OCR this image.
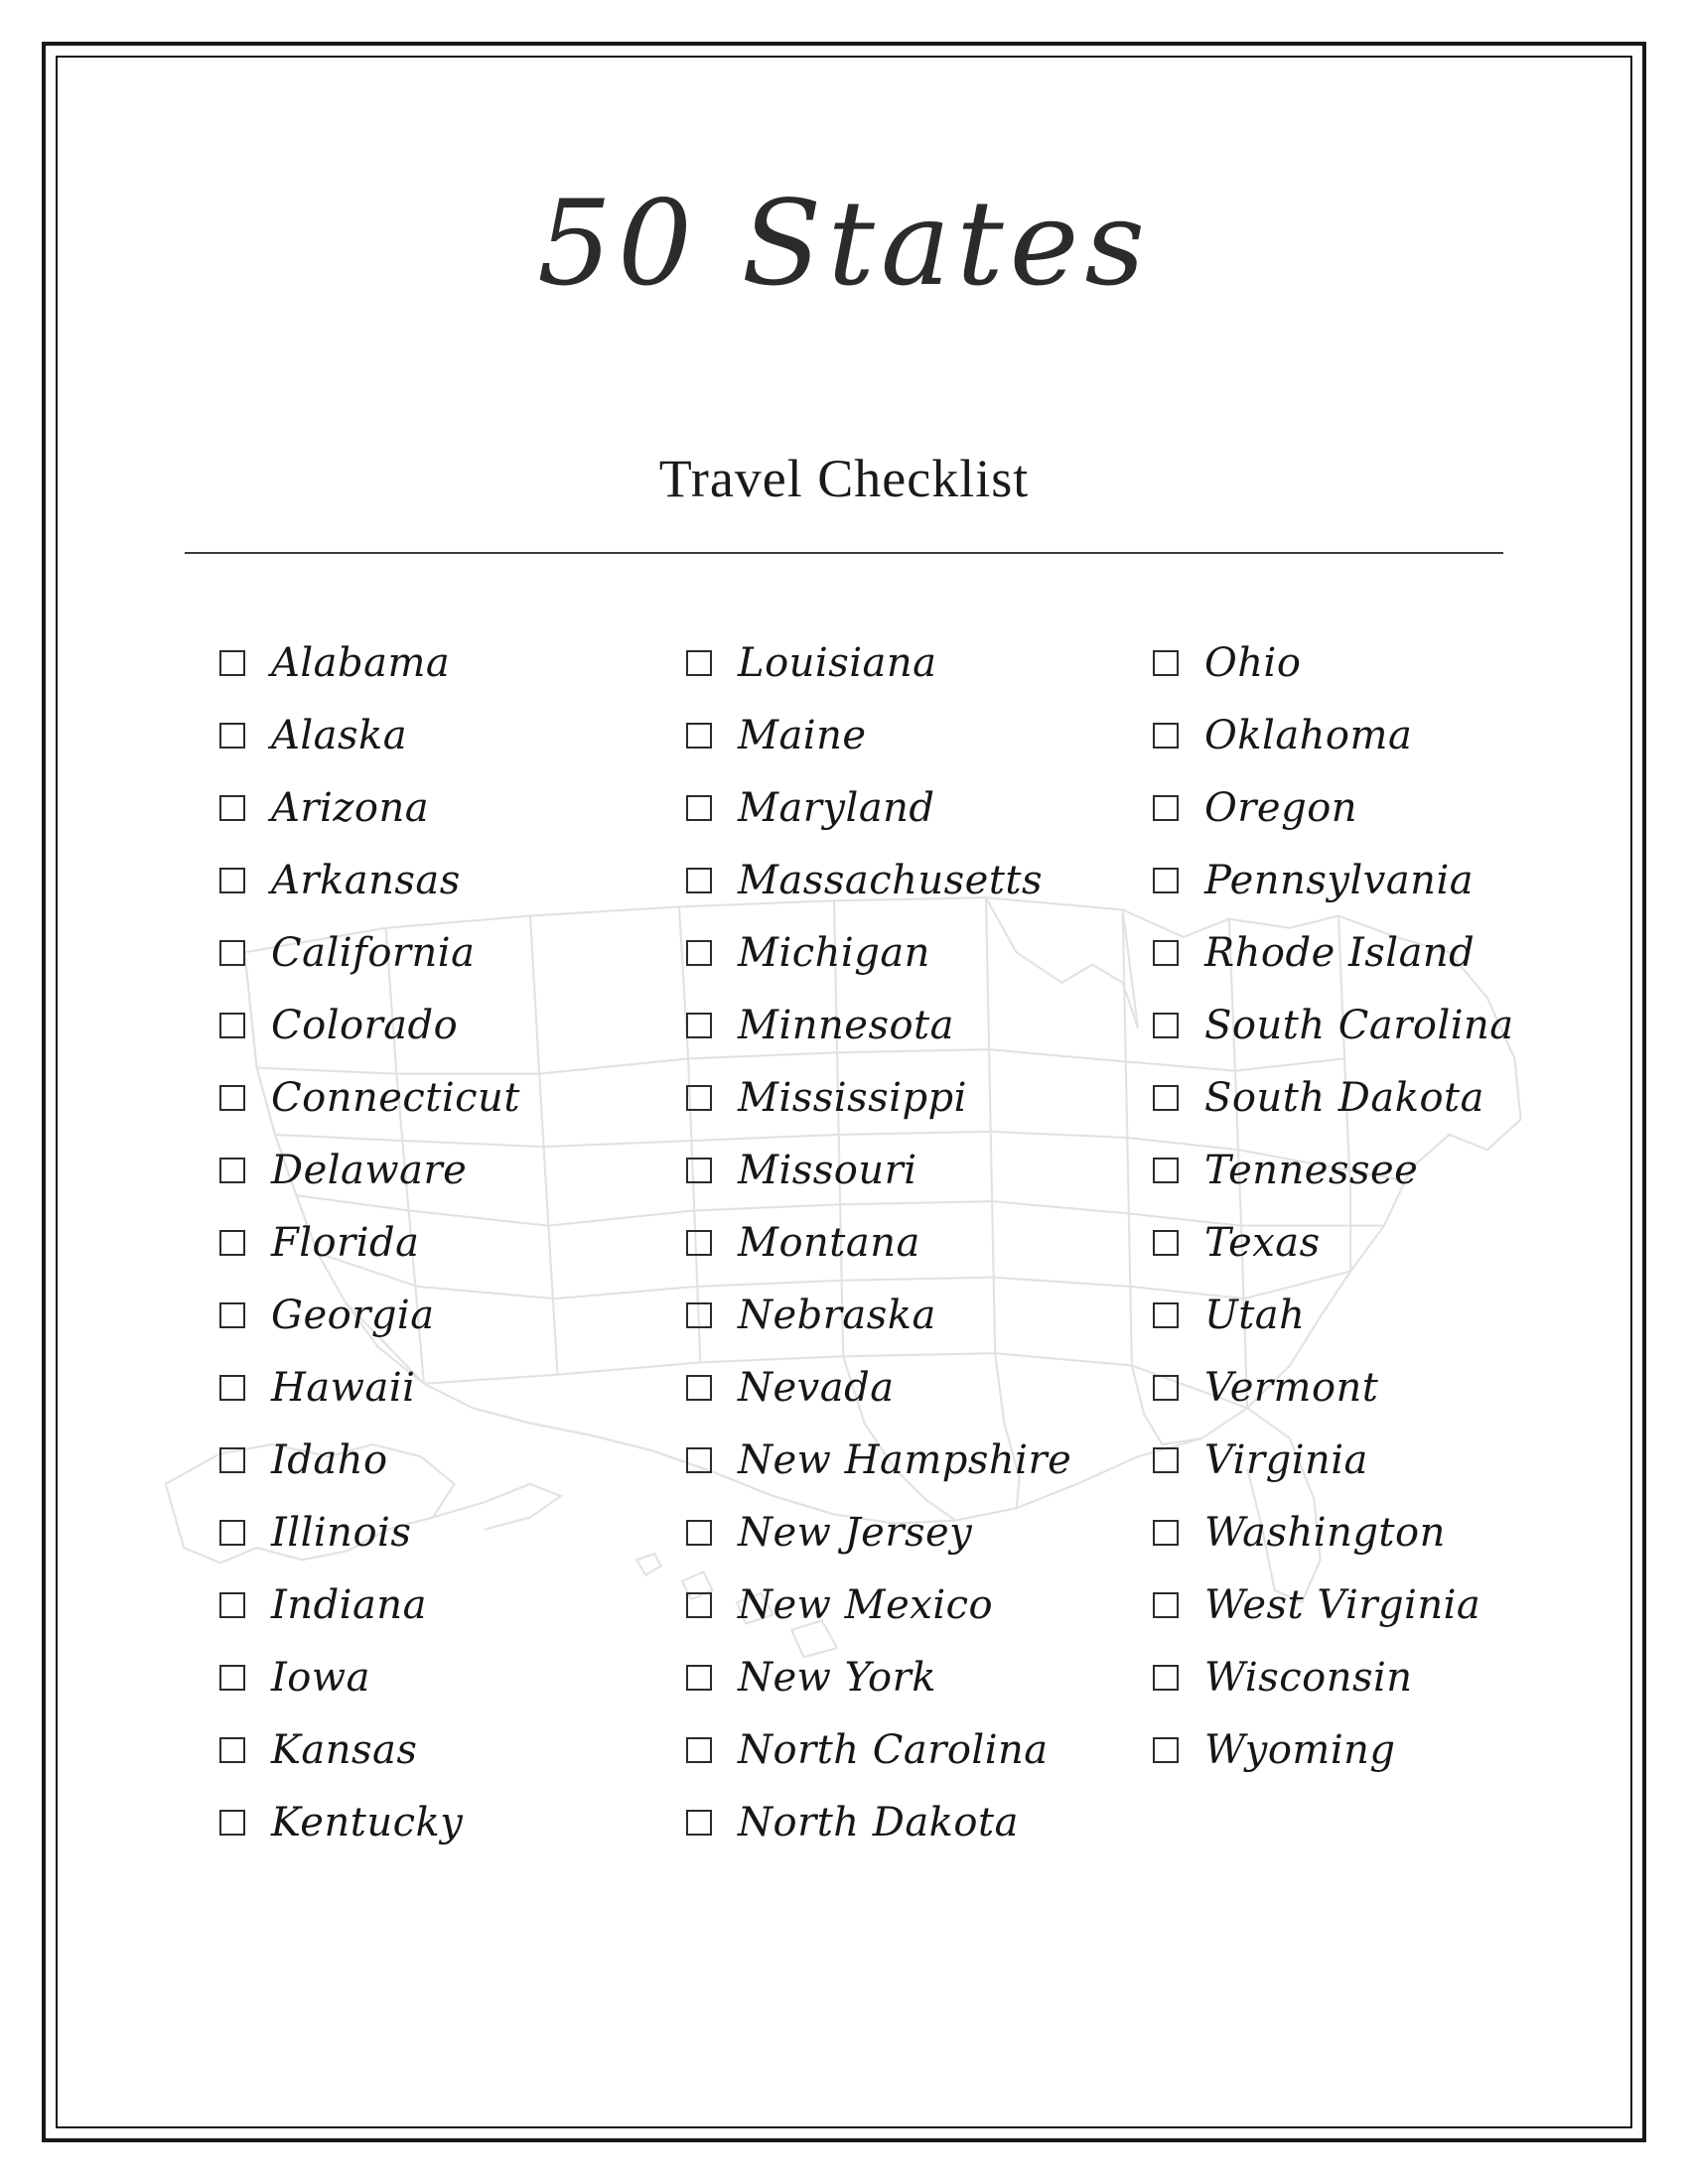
50 States
Travel Checklist
Alabama
Alaska
Arizona
Arkansas
California
Colorado
Connecticut
Delaware
Florida
Georgia
Hawaii
Idaho
Illinois
Indiana
Iowa
Kansas
Kentucky
Louisiana
Maine
Maryland
Massachusetts
Michigan
Minnesota
Mississippi
Missouri
Montana
Nebraska
Nevada
New Hampshire
New Jersey
New Mexico
New York
North Carolina
North Dakota
Ohio
Oklahoma
Oregon
Pennsylvania
Rhode Island
South Carolina
South Dakota
Tennessee
Texas
Utah
Vermont
Virginia
Washington
West Virginia
Wisconsin
Wyoming
